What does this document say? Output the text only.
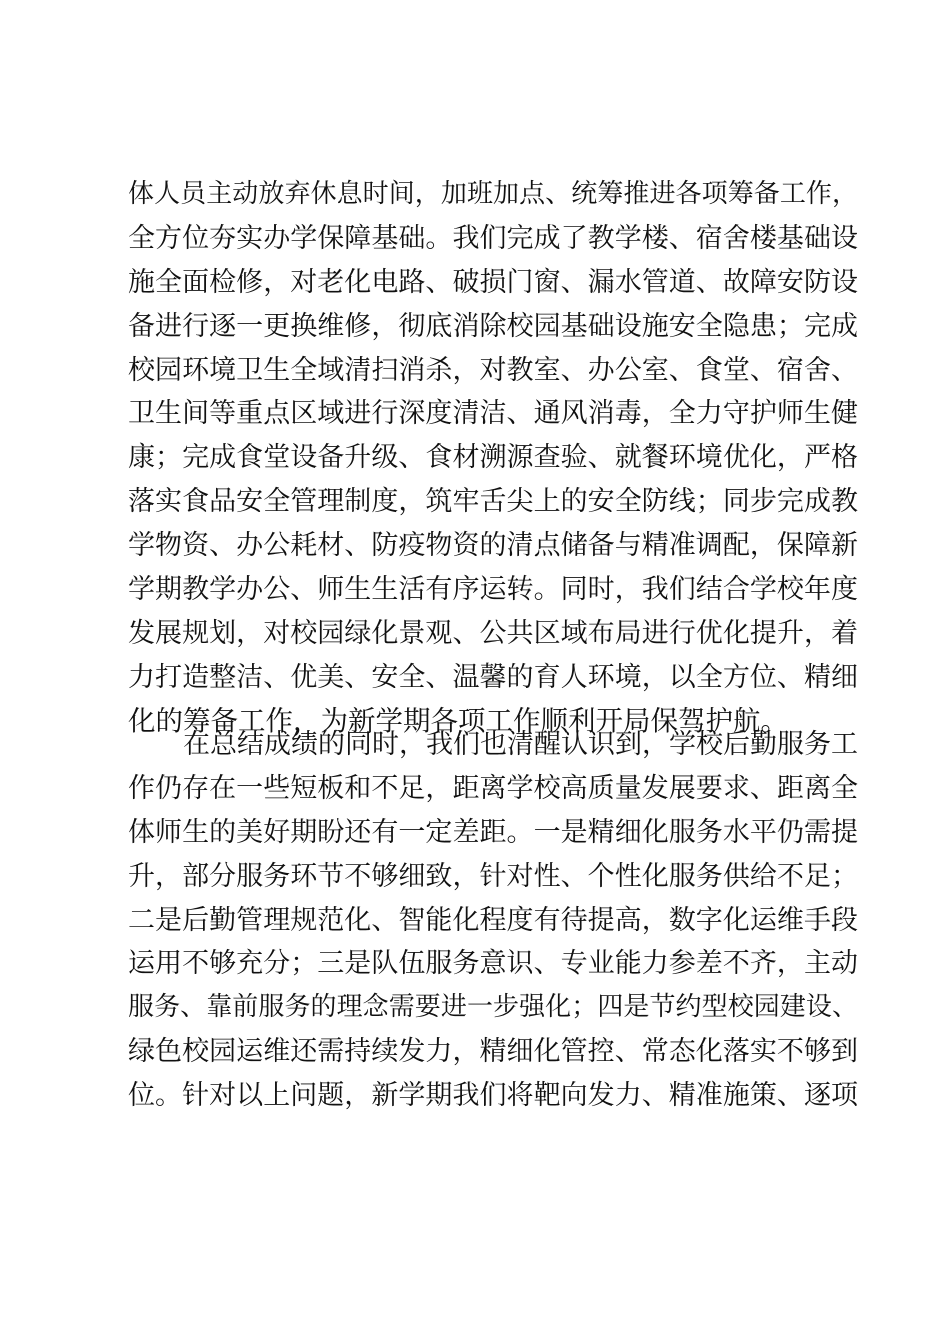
体人员主动放弃休息时间，加班加点、统筹推进各项筹备工作，
全方位夯实办学保障基础。我们完成了教学楼、宿舍楼基础设
施全面检修，对老化电路、破损门窗、漏水管道、故障安防设
备进行逐一更换维修，彻底消除校园基础设施安全隐患；完成
校园环境卫生全域清扫消杀，对教室、办公室、食堂、宿舍、
卫生间等重点区域进行深度清洁、通风消毒，全力守护师生健
康；完成食堂设备升级、食材溯源查验、就餐环境优化，严格
落实食品安全管理制度，筑牢舌尖上的安全防线；同步完成教
学物资、办公耗材、防疫物资的清点储备与精准调配，保障新
学期教学办公、师生生活有序运转。同时，我们结合学校年度
发展规划，对校园绿化景观、公共区域布局进行优化提升，着
力打造整洁、优美、安全、温馨的育人环境，以全方位、精细
化的筹备工作，为新学期各项工作顺利开局保驾护航。
在总结成绩的同时，我们也清醒认识到，学校后勤服务工
作仍存在一些短板和不足，距离学校高质量发展要求、距离全
体师生的美好期盼还有一定差距。一是精细化服务水平仍需提
升，部分服务环节不够细致，针对性、个性化服务供给不足；
二是后勤管理规范化、智能化程度有待提高，数字化运维手段
运用不够充分；三是队伍服务意识、专业能力参差不齐，主动
服务、靠前服务的理念需要进一步强化；四是节约型校园建设、
绿色校园运维还需持续发力，精细化管控、常态化落实不够到
位。针对以上问题，新学期我们将靶向发力、精准施策、逐项
